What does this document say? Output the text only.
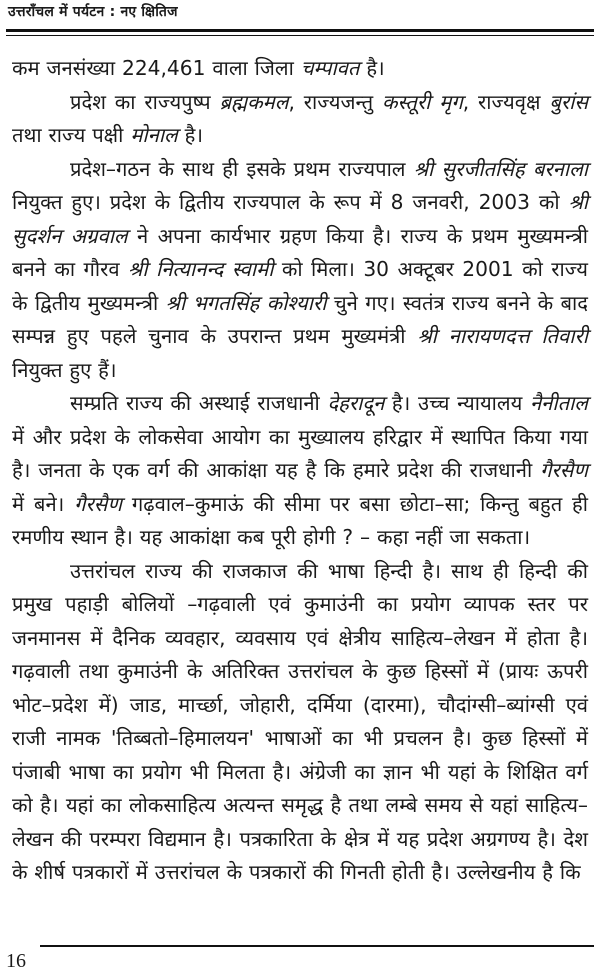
उत्तराँचल में पर्यटन : नए क्षितिज

कम जनसंख्या 224,461 वाला जिला चम्पावत है।

प्रदेश का राज्यपुष्प ब्रह्मकमल, राज्यजन्तु कस्तूरी मृग, राज्यवृक्ष बुरांस तथा राज्य पक्षी मोनाल है।

प्रदेश–गठन के साथ ही इसके प्रथम राज्यपाल श्री सुरजीतसिंह बरनाला नियुक्त हुए। प्रदेश के द्वितीय राज्यपाल के रूप में 8 जनवरी, 2003 को श्री सुदर्शन अग्रवाल ने अपना कार्यभार ग्रहण किया है। राज्य के प्रथम मुख्यमन्त्री बनने का गौरव श्री नित्यानन्द स्वामी को मिला। 30 अक्टूबर 2001 को राज्य के द्वितीय मुख्यमन्त्री श्री भगतसिंह कोश्यारी चुने गए। स्वतंत्र राज्य बनने के बाद सम्पन्न हुए पहले चुनाव के उपरान्त प्रथम मुख्यमंत्री श्री नारायणदत्त तिवारी नियुक्त हुए हैं।

सम्प्रति राज्य की अस्थाई राजधानी देहरादून है। उच्च न्यायालय नैनीताल में और प्रदेश के लोकसेवा आयोग का मुख्यालय हरिद्वार में स्थापित किया गया है। जनता के एक वर्ग की आकांक्षा यह है कि हमारे प्रदेश की राजधानी गैरसैण में बने। गैरसैण गढ़वाल–कुमाऊं की सीमा पर बसा छोटा–सा; किन्तु बहुत ही रमणीय स्थान है। यह आकांक्षा कब पूरी होगी ? – कहा नहीं जा सकता।

उत्तरांचल राज्य की राजकाज की भाषा हिन्दी है। साथ ही हिन्दी की प्रमुख पहाड़ी बोलियों –गढ़वाली एवं कुमाउंनी का प्रयोग व्यापक स्तर पर जनमानस में दैनिक व्यवहार, व्यवसाय एवं क्षेत्रीय साहित्य–लेखन में होता है। गढ़वाली तथा कुमाउंनी के अतिरिक्त उत्तरांचल के कुछ हिस्सों में (प्रायः ऊपरी भोट–प्रदेश में) जाड, मार्च्छा, जोहारी, दर्मिया (दारमा), चौदांग्सी–ब्यांग्सी एवं राजी नामक 'तिब्बतो–हिमालयन' भाषाओं का भी प्रचलन है। कुछ हिस्सों में पंजाबी भाषा का प्रयोग भी मिलता है। अंग्रेजी का ज्ञान भी यहां के शिक्षित वर्ग को है। यहां का लोकसाहित्य अत्यन्त समृद्ध है तथा लम्बे समय से यहां साहित्य–लेखन की परम्परा विद्यमान है। पत्रकारिता के क्षेत्र में यह प्रदेश अग्रगण्य है। देश के शीर्ष पत्रकारों में उत्तरांचल के पत्रकारों की गिनती होती है। उल्लेखनीय है कि

16
